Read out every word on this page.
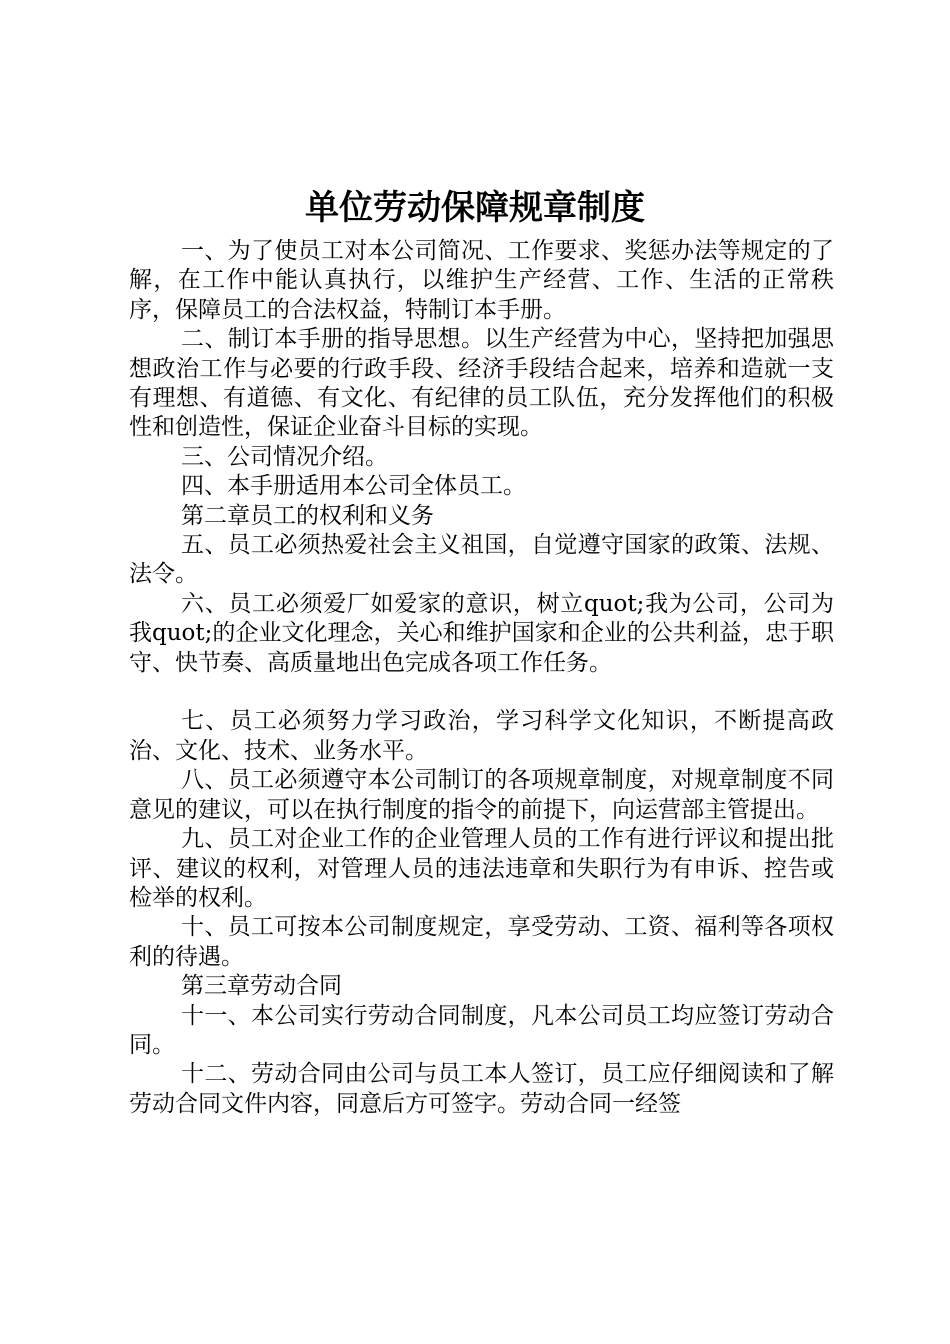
单位劳动保障规章制度

一、为了使员工对本公司简况、工作要求、奖惩办法等规定的了解，在工作中能认真执行，以维护生产经营、工作、生活的正常秩序，保障员工的合法权益，特制订本手册。

二、制订本手册的指导思想。以生产经营为中心，坚持把加强思想政治工作与必要的行政手段、经济手段结合起来，培养和造就一支有理想、有道德、有文化、有纪律的员工队伍，充分发挥他们的积极性和创造性，保证企业奋斗目标的实现。

三、公司情况介绍。

四、本手册适用本公司全体员工。

第二章员工的权利和义务

五、员工必须热爱社会主义祖国，自觉遵守国家的政策、法规、法令。

六、员工必须爱厂如爱家的意识，树立quot;我为公司，公司为我quot;的企业文化理念，关心和维护国家和企业的公共利益，忠于职守、快节奏、高质量地出色完成各项工作任务。

七、员工必须努力学习政治，学习科学文化知识，不断提高政治、文化、技术、业务水平。

八、员工必须遵守本公司制订的各项规章制度，对规章制度不同意见的建议，可以在执行制度的指令的前提下，向运营部主管提出。

九、员工对企业工作的企业管理人员的工作有进行评议和提出批评、建议的权利，对管理人员的违法违章和失职行为有申诉、控告或检举的权利。

十、员工可按本公司制度规定，享受劳动、工资、福利等各项权利的待遇。

第三章劳动合同

十一、本公司实行劳动合同制度，凡本公司员工均应签订劳动合同。

十二、劳动合同由公司与员工本人签订，员工应仔细阅读和了解劳动合同文件内容，同意后方可签字。劳动合同一经签
